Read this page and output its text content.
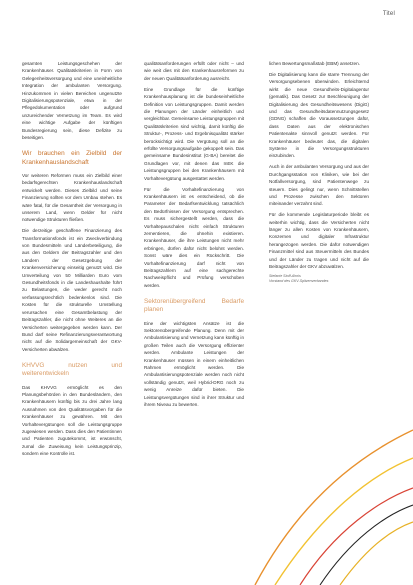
Titel

gesamten Leistungsgeschehen der Krankenhäuser. Quälitatskriterien in Form von Gelegenheitsversorgung und eine uneinheitliche Integration der ambulanten Versorgung. Hinzukommen in vielen Bereichen ungenutzte Digitalisierungspotenziale, etwa in der Pflegedokumentation oder aufgrund unzureichender Vernetzung im Team. Es wird eine wichtige Aufgabe der künftigen Bundesregierung sein, diese Defizite zu beseitigen.

Wir brauchen ein Zielbild der Krankenhauslandschaft

Vor weiteren Reformen muss ein Zielbild einer bedarfsgerechten Krankenhauslandschaft entwickelt werden. Dieses Zielbild und seine Finanzierung sollten vor dem Umbau stehen. Es wäre fatal, für die Gesamtheit der Versorgung in unserem Land, wenn Gelder für nicht notwendige Strukturen fließen.

Die derzeitige geschaffene Finanzierung des Transformationsfonds ist ein Zweckverbindung von Bundesmitteln und Länderbeteiligung, die aus den Geldern der Beitragszahler und den Ländern der Gesetzgebung der Krankenversicherung einseitig genutzt wird. Die Umverteilung von 50 Milliarden Euro vom Gesundheitsfonds in die Landeshaushalte führt zu Belastungen, die weder gerecht noch verfassungsrechtlich bedenkenlos sind. Die Kosten für die strukturelle Umstellung verursachen eine Gesamtbelastung der Beitragszahler, die nicht ohne Weiteres an die Versicherten weitergegeben werden kann. Der Bund darf seine Refinanzierungsverantwortung nicht auf die Solidargemeinschaft der GKV-Versicherten abwälzen.

KHVVG nutzen und weiterentwickeln

Das KHVVG ermöglicht es den Planungsbehörden in den Bundesländern, den Krankenhäusern künftig bis zu drei Jahre lang Ausnahmen von den Qualitätsvorgaben für die Krankenhäuser zu gewähren. Mit den Vorhaltevergütungen soll die Leistungsgruppe zugewiesen werden. Dass dies den Patientinnen und Patienten zugutekommt, ist erwünscht, zumal die Zuweisung kein Leistungsprinzip, sondern eine Kontrolle ist.

qualitätsanforderungen erfüllt oder nicht – und wie weit dies mit den Krankenhausreformen zu der neuen Qualitätsanforderung ausreicht.

Eine Grundlage für die künftige Krankenhausplanung ist die bundeseinheitliche Definition von Leistungsgruppen. Damit werden die Planungen der Länder einheitlich und vergleichbar. Gemeinsame Leistungsgruppen mit Qualitätskriterien sind wichtig, damit künftig die Struktur-, Prozess- und Ergebnisqualität stärker berücksichtigt wird. Die Vergütung soll an die erfüllte Versorgungsaufgabe gekoppelt sein. Das gemeinsame Bundesinstitut (G-BA) bereitet die Grundlagen vor, mit denen das InEK die Leistungsgruppen bei den Krankenhäusern mit Vorhaltevergütung ausgestattet werden.

Für die Vorhaltefinanzierung von Krankenhäusern ist es entscheidend, ob die Parameter der Bedarfsentwicklung tatsächlich den Bedürfnissen der Versorgung entsprechen. Es muss sichergestellt werden, dass die Vorhaltepauschalen nicht einfach Strukturen zementieren, die ohnehin existieren. Krankenhäuser, die ihre Leistungen nicht mehr erbringen, dürfen dafür nicht belohnt werden. Sonst wäre dies ein Rückschritt. Die Vorhaltefinanzierung darf nicht von Beitragszahlern auf eine sachgerechte Nachweispflicht und Prüfung verschoben werden.

Sektorenübergreifend Bedarfe planen

Eine der wichtigsten Ansätze ist die Sektorenübergreifende Planung. Denn mit der Ambulantisierung und Vernetzung kann künftig in großen Teilen auch die Versorgung effizienter werden. Ambulante Leistungen der Krankenhäuser müssen in einem einheitlichen Rahmen ermöglicht werden. Die Ambulantisierungspotenziale werden noch nicht vollständig genutzt, weil Hybrid-DRG noch zu wenig Anreize dafür bieten. Die Leistungsvergütungen sind in ihrer Struktur und ihrem Niveau zu bewerten.

lichen Bewertungsmaßstab (EBM) ansetzen.

Die Digitalisierung kann die starre Trennung der Versorgungsebenen überwinden. Erleichternd wirkt die neue Gesundheits-Digitalagentur (gematik). Das Gesetz zur Beschleunigung der Digitalisierung des Gesundheitswesens (DigiG) und das Gesundheitsdatennutzungsgesetz (GDNG) schaffen die Voraussetzungen dafür, dass Daten aus der elektronischen Patientenakte sinnvoll genutzt werden. Für Krankenhäuser bedeutet das, die digitalen Systeme in die Versorgungsstrukturen einzubinden.

Auch in der ambulanten Versorgung und aus der Durchgangsstation von Kliniken, wie bei der Notfallversorgung, sind Patientenwege zu steuern. Dies gelingt nur, wenn Schnittstellen und Prozesse zwischen den Sektoren miteinander verzahnt sind.

Für die kommende Legislaturperiode bleibt es weiterhin wichtig, dass die Versicherten nicht länger zu allen Kosten von Krankenhäusern, Konzernen und digitaler Infrastruktur herangezogen werden. Die dafür notwendigen Finanzmittel sind aus Steuermitteln des Bundes und der Länder zu tragen und nicht auf die Beitragszahler der GKV abzuwälzen.

Stefanie Stoff-Ahnis
Vorstand des GKV-Spitzenverbandes
